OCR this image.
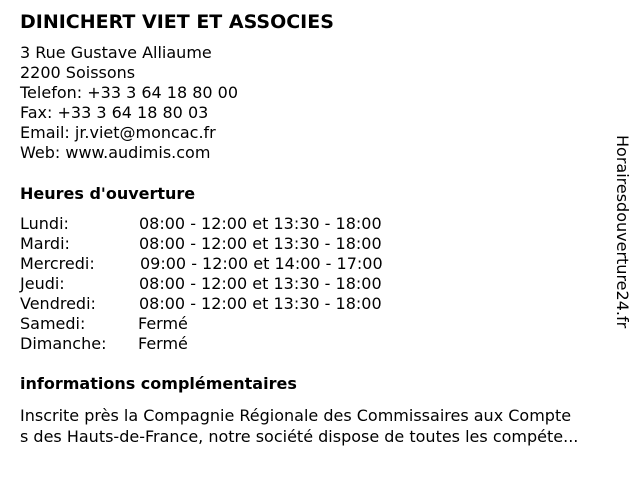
DINICHERT VIET ET ASSOCIES
3 Rue Gustave Alliaume
2200 Soissons
Telefon: +33 3 64 18 80 00
Fax: +33 3 64 18 80 03
Email: jr.viet@moncac.fr
Web: www.audimis.com
Heures d'ouverture
Lundi:	08:00 - 12:00 et 13:30 - 18:00
Mardi:	08:00 - 12:00 et 13:30 - 18:00
Mercredi:	09:00 - 12:00 et 14:00 - 17:00
Jeudi:	08:00 - 12:00 et 13:30 - 18:00
Vendredi:	08:00 - 12:00 et 13:30 - 18:00
Samedi:	Fermé
Dimanche: Fermé
informations complémentaires
Inscrite près la Compagnie Régionale des Commissaires aux Compte
s des Hauts-de-France, notre société dispose de toutes les compéte...
Horairesdouverture24.fr
